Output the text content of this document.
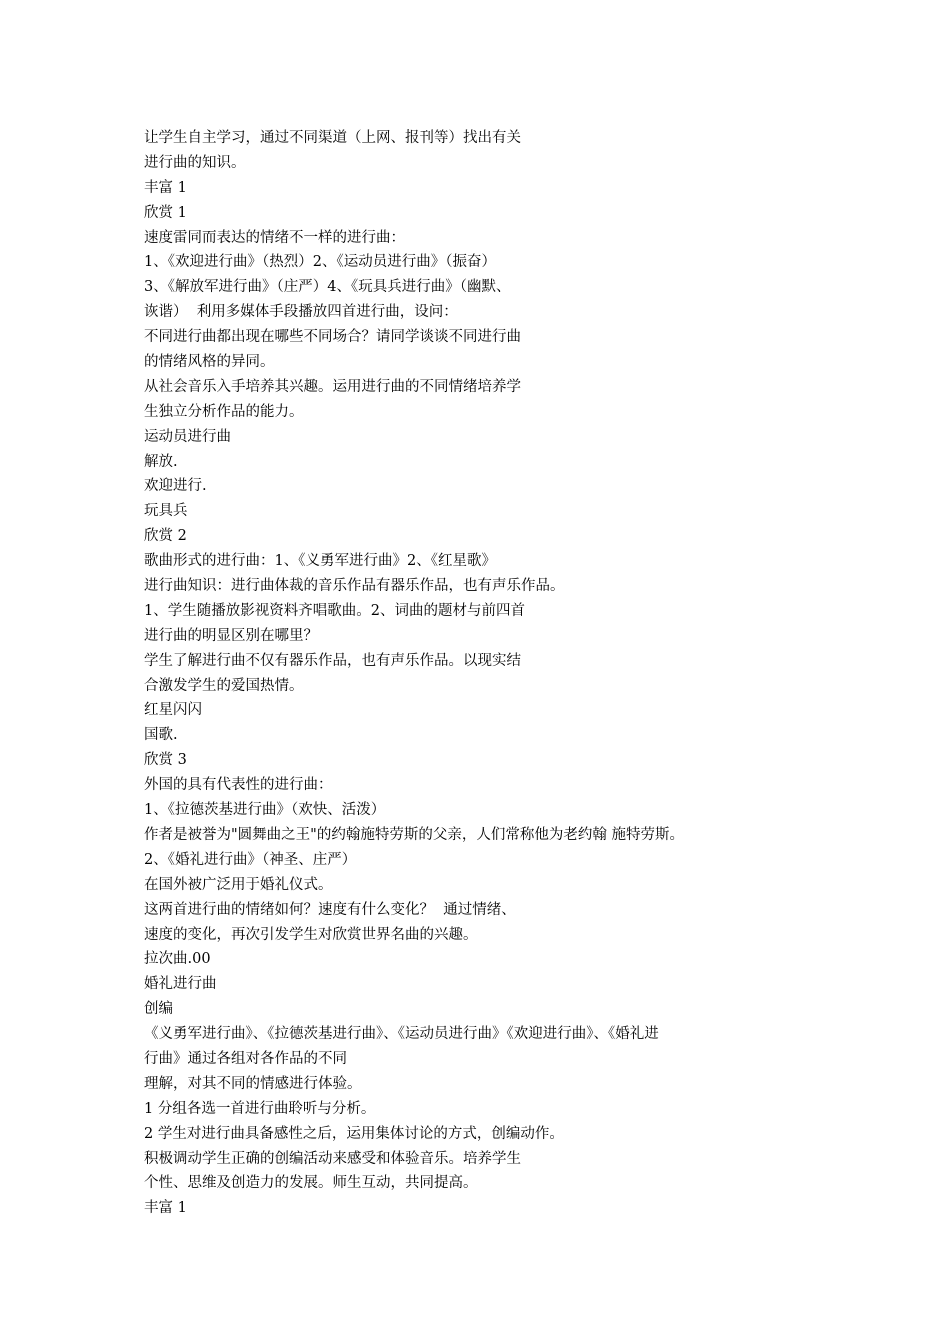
让学生自主学习，通过不同渠道（上网、报刊等）找出有关
进行曲的知识。
丰富 1
欣赏 1
速度雷同而表达的情绪不一样的进行曲：
1、《欢迎进行曲》（热烈）2、《运动员进行曲》（振奋）
3、《解放军进行曲》（庄严）4、《玩具兵进行曲》（幽默、
诙谐）  利用多媒体手段播放四首进行曲，设问：
不同进行曲都出现在哪些不同场合？请同学谈谈不同进行曲
的情绪风格的异同。
从社会音乐入手培养其兴趣。运用进行曲的不同情绪培养学
生独立分析作品的能力。
运动员进行曲
解放.
欢迎进行.
玩具兵
欣赏 2
歌曲形式的进行曲：1、《义勇军进行曲》2、《红星歌》
进行曲知识：进行曲体裁的音乐作品有器乐作品，也有声乐作品。
1、学生随播放影视资料齐唱歌曲。2、词曲的题材与前四首
进行曲的明显区别在哪里？
学生了解进行曲不仅有器乐作品，也有声乐作品。以现实结
合激发学生的爱国热情。
红星闪闪
国歌.
欣赏 3
外国的具有代表性的进行曲：
1、《拉德茨基进行曲》（欢快、活泼）
作者是被誉为"圆舞曲之王"的约翰施特劳斯的父亲，人们常称他为老约翰 施特劳斯。
2、《婚礼进行曲》（神圣、庄严）
在国外被广泛用于婚礼仪式。
这两首进行曲的情绪如何？速度有什么变化？  通过情绪、
速度的变化，再次引发学生对欣赏世界名曲的兴趣。
拉次曲.00
婚礼进行曲
创编
《义勇军进行曲》、《拉德茨基进行曲》、《运动员进行曲》《欢迎进行曲》、《婚礼进
行曲》通过各组对各作品的不同
理解，对其不同的情感进行体验。
1 分组各选一首进行曲聆听与分析。
2 学生对进行曲具备感性之后，运用集体讨论的方式，创编动作。
积极调动学生正确的创编活动来感受和体验音乐。培养学生
个性、思维及创造力的发展。师生互动，共同提高。
丰富 1
